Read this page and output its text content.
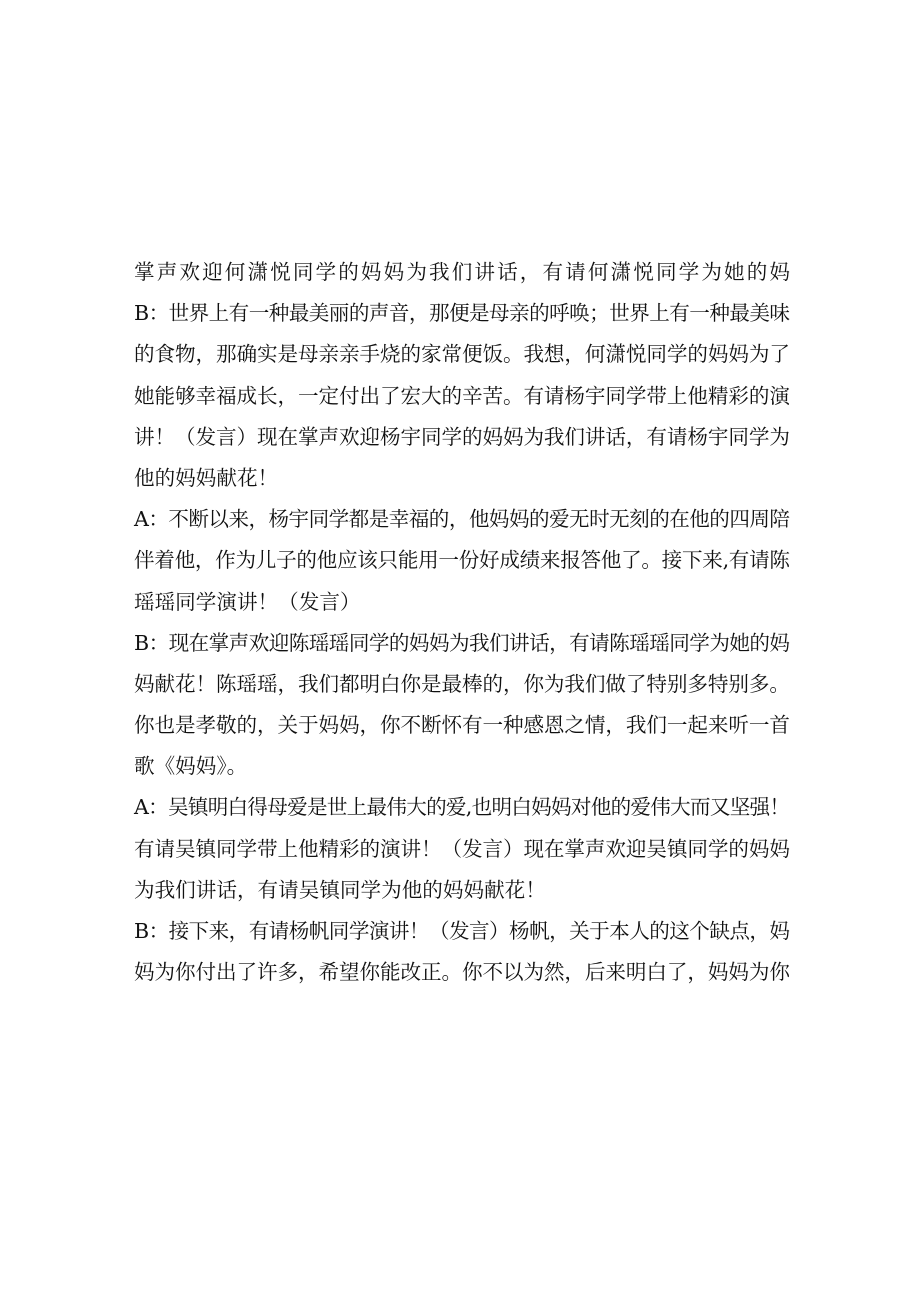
掌声欢迎何潇悦同学的妈妈为我们讲话，有请何潇悦同学为她的妈

B：世界上有一种最美丽的声音，那便是母亲的呼唤；世界上有一种最美味
的食物，那确实是母亲亲手烧的家常便饭。我想，何潇悦同学的妈妈为了
她能够幸福成长，一定付出了宏大的辛苦。有请杨宇同学带上他精彩的演
讲！（发言）现在掌声欢迎杨宇同学的妈妈为我们讲话，有请杨宇同学为
他的妈妈献花！

A：不断以来，杨宇同学都是幸福的，他妈妈的爱无时无刻的在他的四周陪
伴着他，作为儿子的他应该只能用一份好成绩来报答他了。接下来,有请陈
瑶瑶同学演讲！（发言）

B：现在掌声欢迎陈瑶瑶同学的妈妈为我们讲话，有请陈瑶瑶同学为她的妈
妈献花！陈瑶瑶，我们都明白你是最棒的，你为我们做了特别多特别多。
你也是孝敬的，关于妈妈，你不断怀有一种感恩之情，我们一起来听一首
歌《妈妈》。

A：吴镇明白得母爱是世上最伟大的爱,也明白妈妈对他的爱伟大而又坚强！
有请吴镇同学带上他精彩的演讲！（发言）现在掌声欢迎吴镇同学的妈妈
为我们讲话，有请吴镇同学为他的妈妈献花！

B：接下来，有请杨帆同学演讲！（发言）杨帆，关于本人的这个缺点，妈
妈为你付出了许多，希望你能改正。你不以为然，后来明白了，妈妈为你
